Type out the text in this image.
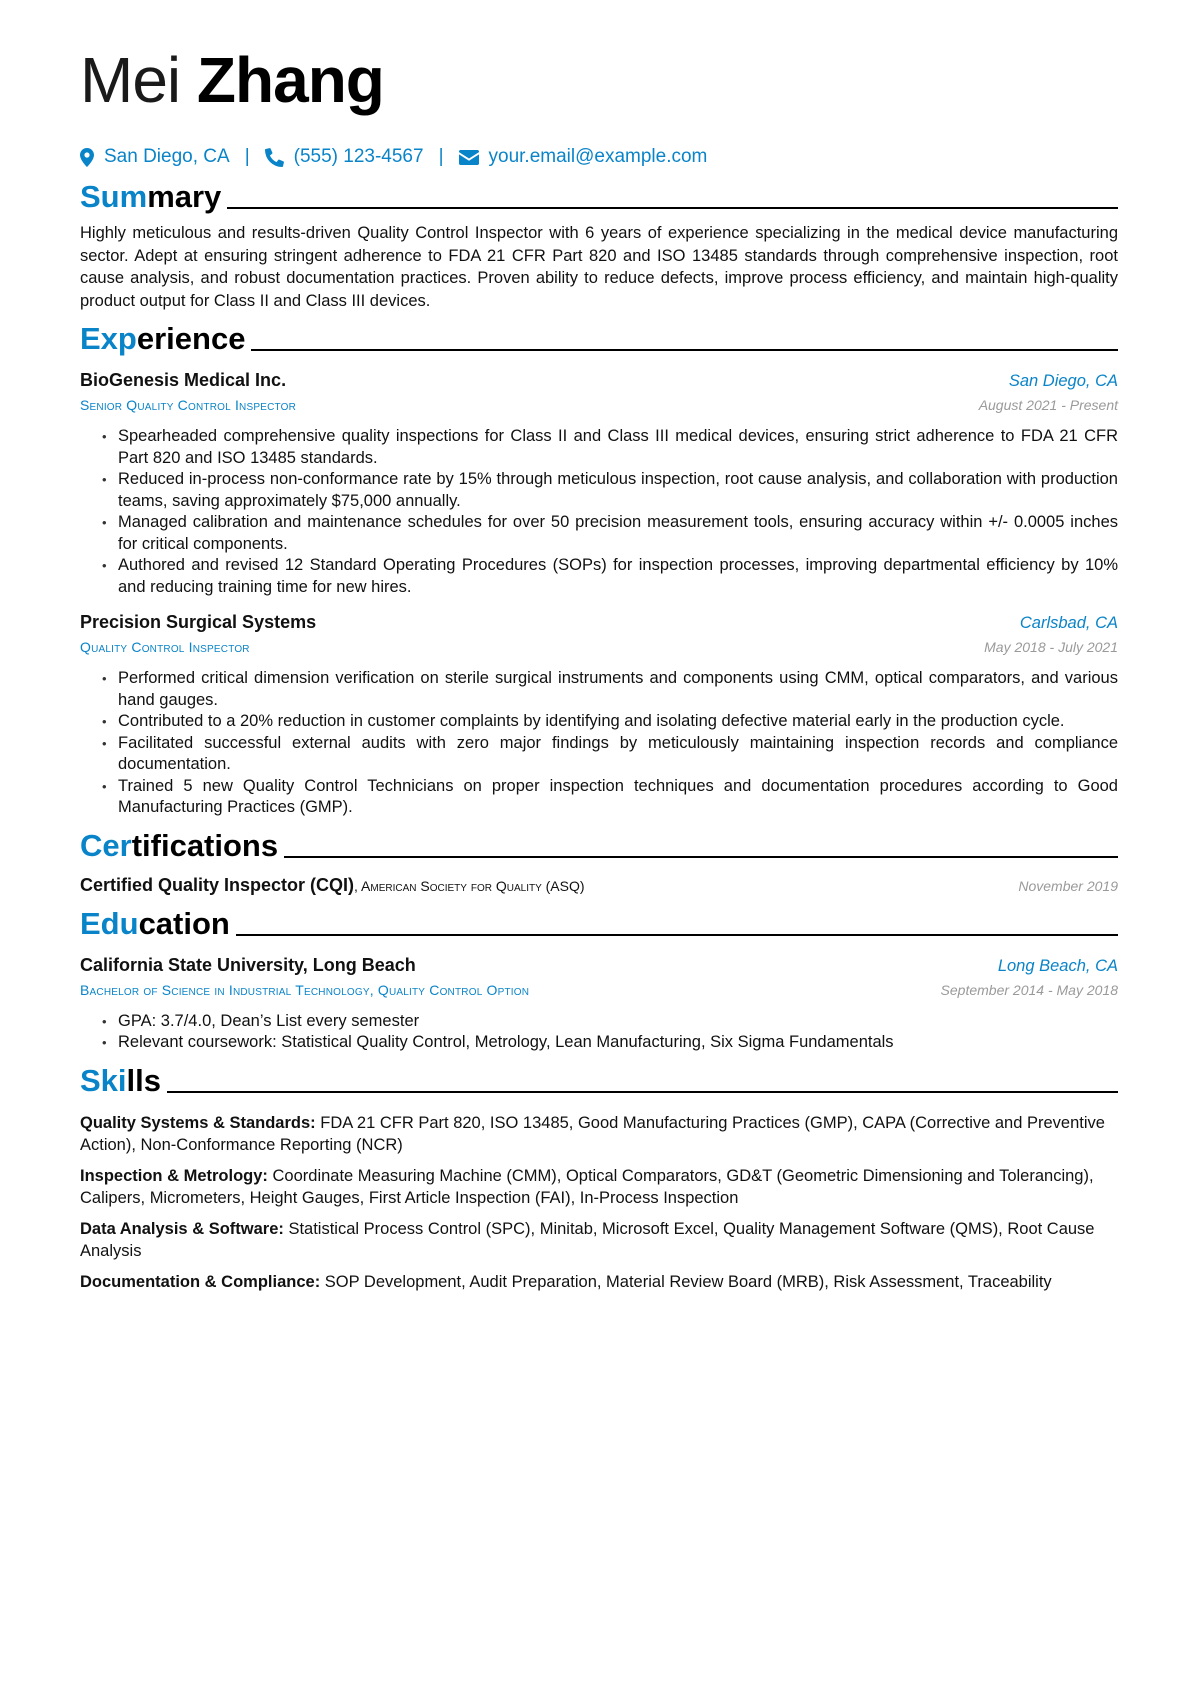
Mei Zhang
San Diego, CA | (555) 123-4567 | your.email@example.com
Summary
Highly meticulous and results-driven Quality Control Inspector with 6 years of experience specializing in the medical device manufacturing sector. Adept at ensuring stringent adherence to FDA 21 CFR Part 820 and ISO 13485 standards through comprehensive inspection, root cause analysis, and robust documentation practices. Proven ability to reduce defects, improve process efficiency, and maintain high-quality product output for Class II and Class III devices.
Experience
BioGenesis Medical Inc.	San Diego, CA
Senior Quality Control Inspector	August 2021 - Present
• Spearheaded comprehensive quality inspections for Class II and Class III medical devices, ensuring strict adherence to FDA 21 CFR Part 820 and ISO 13485 standards.
• Reduced in-process non-conformance rate by 15% through meticulous inspection, root cause analysis, and collaboration with production teams, saving approximately $75,000 annually.
• Managed calibration and maintenance schedules for over 50 precision measurement tools, ensuring accuracy within +/- 0.0005 inches for critical components.
• Authored and revised 12 Standard Operating Procedures (SOPs) for inspection processes, improving departmental efficiency by 10% and reducing training time for new hires.
Precision Surgical Systems	Carlsbad, CA
Quality Control Inspector	May 2018 - July 2021
• Performed critical dimension verification on sterile surgical instruments and components using CMM, optical comparators, and various hand gauges.
• Contributed to a 20% reduction in customer complaints by identifying and isolating defective material early in the production cycle.
• Facilitated successful external audits with zero major findings by meticulously maintaining inspection records and compliance documentation.
• Trained 5 new Quality Control Technicians on proper inspection techniques and documentation procedures according to Good Manufacturing Practices (GMP).
Certifications
Certified Quality Inspector (CQI), American Society for Quality (ASQ)	November 2019
Education
California State University, Long Beach	Long Beach, CA
Bachelor of Science in Industrial Technology, Quality Control Option	September 2014 - May 2018
• GPA: 3.7/4.0, Dean’s List every semester
• Relevant coursework: Statistical Quality Control, Metrology, Lean Manufacturing, Six Sigma Fundamentals
Skills
Quality Systems & Standards: FDA 21 CFR Part 820, ISO 13485, Good Manufacturing Practices (GMP), CAPA (Corrective and Preventive Action), Non-Conformance Reporting (NCR)
Inspection & Metrology: Coordinate Measuring Machine (CMM), Optical Comparators, GD&T (Geometric Dimensioning and Tolerancing), Calipers, Micrometers, Height Gauges, First Article Inspection (FAI), In-Process Inspection
Data Analysis & Software: Statistical Process Control (SPC), Minitab, Microsoft Excel, Quality Management Software (QMS), Root Cause Analysis
Documentation & Compliance: SOP Development, Audit Preparation, Material Review Board (MRB), Risk Assessment, Traceability
